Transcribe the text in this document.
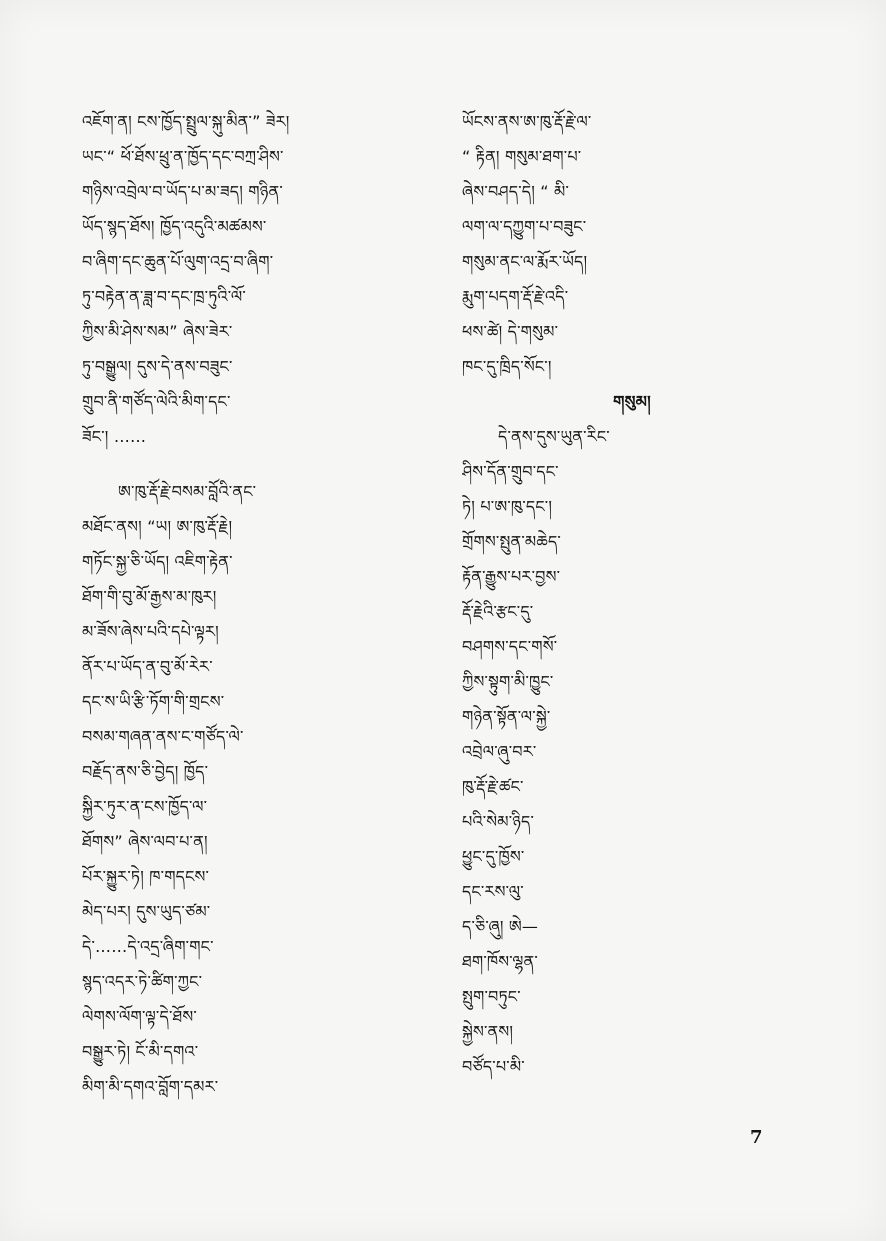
འཇོག་ན། ངས་ཁྱོད་སྤྲུལ་སྐུ་མིན་” ཟེར།
ཡང་“ ཕོ་ཐོས་ཕྲུ་ན་ཁྱོད་དང་བཀྲ་ཤིས་
གཉིས་འབྲེལ་བ་ཡོད་པ་མ་ཟད། གཉིན་
ཡོད་སྙད་ཐོས། ཁྱོད་འདུའི་མཚམས་
བ་ཞིག་དང་ཆུན་པོ་ལུག་འདྲ་བ་ཞིག་
ཏུ་བརྟེན་ན་ཟླ་བ་དང་ཁྲ་ཏུའི་ལོ་
ཀྱིས་མི་ཤེས་སམ” ཞེས་ཟེར་
ཏུ་བསྒྱུལ། དུས་དེ་ནས་བཟུང་
གྲུབ་ནི་གཙོད་ལེའི་མིག་དང་
ཟོང་། ……
ཨ་ཁུ་རྡོ་རྗེ་བསམ་བློའི་ནང་
མཐོང་ནས། “ཡ། ཨ་ཁུ་རྡོ་རྗེ།
གཏོང་སྐྱ་ཅི་ཡོད། འཇིག་རྟེན་
ཐོག་གི་བུ་མོ་རྒྱས་མ་ཁུར།
མ་ཟོས་ཞེས་པའི་དཔེ་ལྟར།
ནོར་པ་ཡོད་ན་བུ་མོ་རེར་
དང་ས་ཡི་རྩི་ཏོག་གི་གྲངས་
བསམ་གཞན་ནས་ང་གཙོད་ལེ་
བརྗོད་ནས་ཅི་བྱེད། ཁྱོད་
སྐྱིར་ཏུར་ན་ངས་ཁྱོད་ལ་
ཐོགས” ཞེས་ལབ་པ་ན།
པོར་སྐྱུར་ཏེ། ཁ་གདངས་
མེད་པར། དུས་ཡུད་ཙམ་
དེ་……དེ་འདྲ་ཞིག་གང་
སྙད་འདར་ཏེ་ཚིག་ཀྱང་
ལེགས་ལོག་ལྟ་དེ་ཐོས་
བསྒྱུར་ཏེ། ངོ་མི་དགའ་
མིག་མི་དགའ་བློག་དམར་
ཡོངས་ནས་ཨ་ཁུ་རྡོ་རྗེ་ལ་
“ རྟིན། གསུམ་ཐག་པ་
ཞེས་བཤད་དེ། “ མི་
ལག་ལ་དཀྱུག་པ་བཟུང་
གསུམ་ནང་ལ་རྨོར་ཡོད།
རྨུག་པདག་རྡོ་རྗེ་འདི་
ཕས་ཚེ། དེ་གསུམ་
ཁང་དུ་ཁྲིད་སོང་།
གསུམ།
དེ་ནས་དུས་ཡུན་རིང་
ཤིས་དོན་གྲུབ་དང་
ཏེ། པ་ཨ་ཁུ་དང་།
གྲོགས་སྤུན་མཆེད་
རྟོན་རྒྱུས་པར་བྱས་
རྡོ་རྗེའི་རྩང་དུ་
བཤགས་དང་གསོ་
ཀྱིས་སྟུག་མི་ཁྱུང་
གཉེན་སྟོན་ལ་སྐྱེ་
འབྲེལ་ཞུ་བར་
ཁུ་རྡོ་རྗེ་ཚང་
པའི་སེམ་ཉིད་
ཕྱུང་དུ་ཁྱོས་
དང་རས་ལུ་
ད་ཅི་ཞུ། ཨེ—
ཐག་ཁོས་ལྷན་
སྤུག་བཏུང་
སྐྱེས་ནས།
བཙོད་པ་མི་
7
